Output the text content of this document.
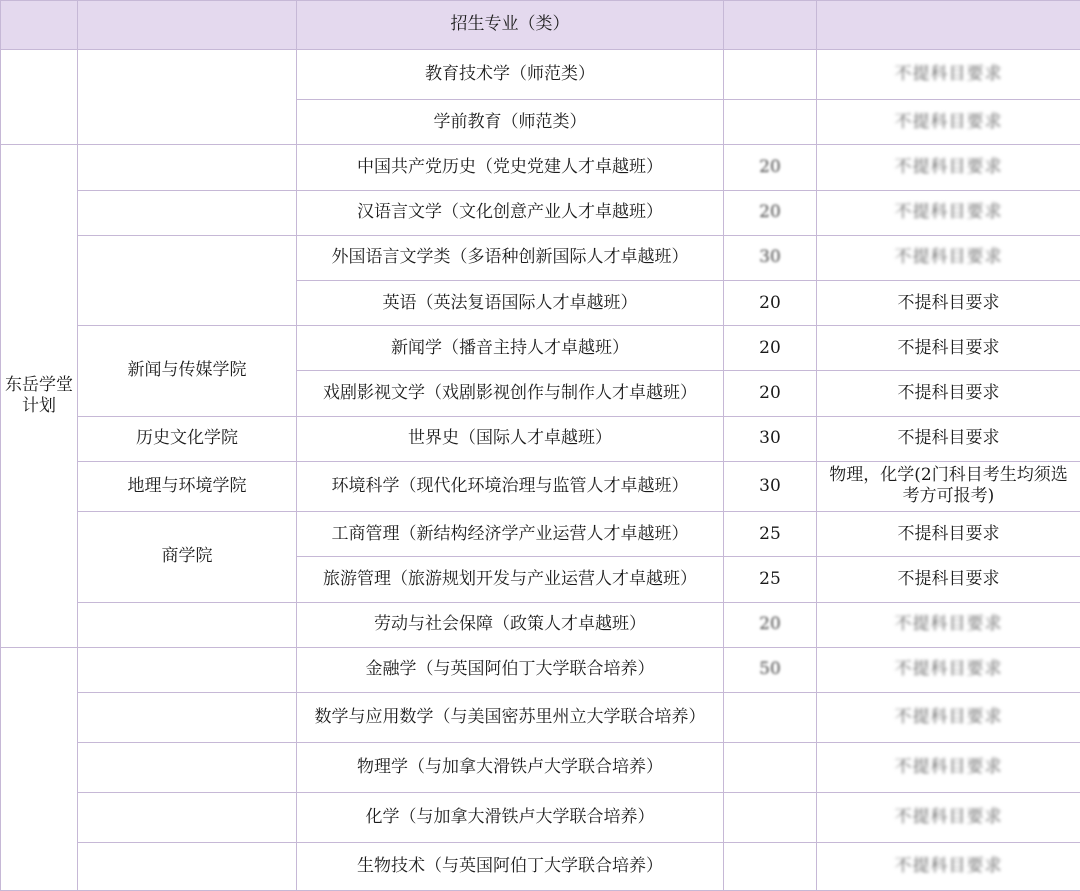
		招生专业（类）		
		教育技术学（师范类）		不提科目要求
		学前教育（师范类）		不提科目要求
东岳学堂计划		中国共产党历史（党史党建人才卓越班）	20	不提科目要求
		汉语言文学（文化创意产业人才卓越班）	20	不提科目要求
		外国语言文学类（多语种创新国际人才卓越班）	30	不提科目要求
		英语（英法复语国际人才卓越班）	20	不提科目要求
	新闻与传媒学院	新闻学（播音主持人才卓越班）	20	不提科目要求
		戏剧影视文学（戏剧影视创作与制作人才卓越班）	20	不提科目要求
	历史文化学院	世界史（国际人才卓越班）	30	不提科目要求
	地理与环境学院	环境科学（现代化环境治理与监管人才卓越班）	30	物理，化学(2门科目考生均须选考方可报考)
	商学院	工商管理（新结构经济学产业运营人才卓越班）	25	不提科目要求
		旅游管理（旅游规划开发与产业运营人才卓越班）	25	不提科目要求
		劳动与社会保障（政策人才卓越班）	20	不提科目要求
		金融学（与英国阿伯丁大学联合培养）	50	不提科目要求
		数学与应用数学（与美国密苏里州立大学联合培养）		不提科目要求
		物理学（与加拿大滑铁卢大学联合培养）		不提科目要求
		化学（与加拿大滑铁卢大学联合培养）		不提科目要求
		生物技术（与英国阿伯丁大学联合培养）		不提科目要求
